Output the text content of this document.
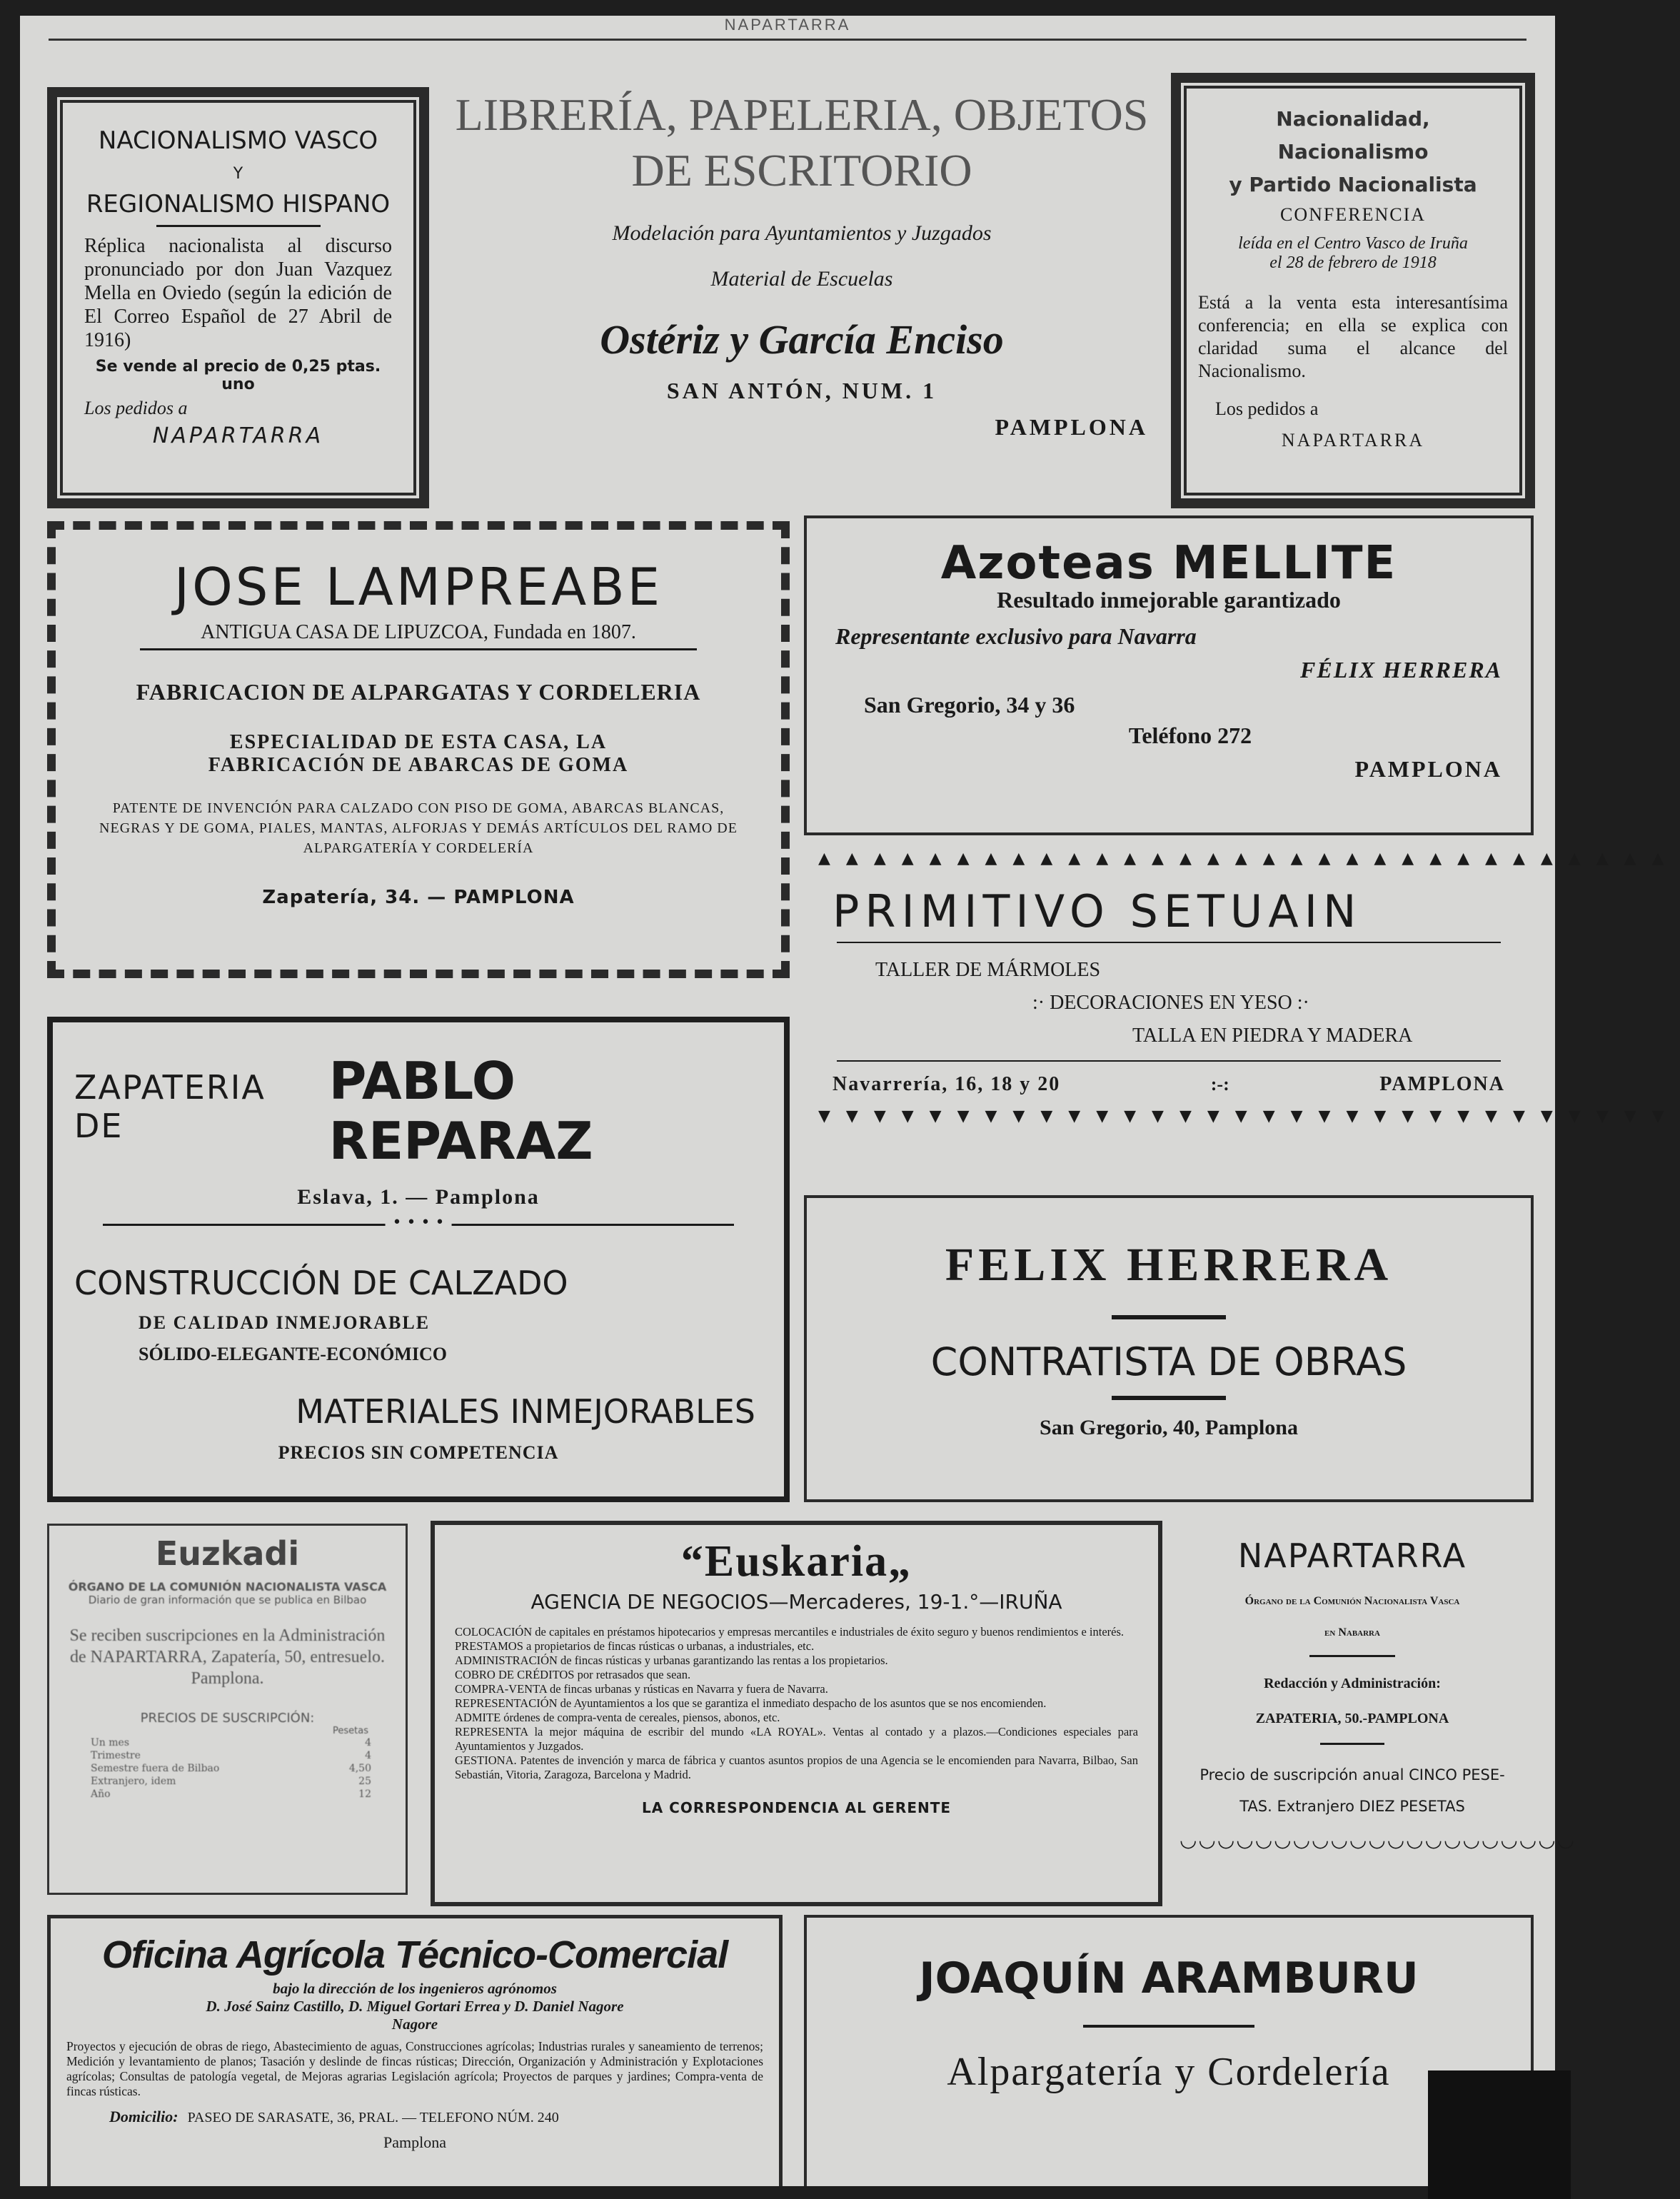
NAPARTARRA
NACIONALISMO VASCO
Y
REGIONALISMO HISPANO

Réplica nacionalista al discurso pronunciado por don Juan Vazquez Mella en Oviedo (según la edición de El Correo Español de 27 Abril de 1916)

Se vende al precio de 0,25 ptas. uno

Los pedidos a

NAPARTARRA

LIBRERÍA, PAPELERIA, OBJETOS
DE ESCRITORIO

Modelación para Ayuntamientos y Juzgados

Material de Escuelas

Ostériz y García Enciso

SAN ANTÓN, NUM. 1

PAMPLONA

Nacionalidad, Nacionalismo
y Partido Nacionalista

CONFERENCIA

leída en el Centro Vasco de Iruña

el 28 de febrero de 1918

Está a la venta esta interesantísima conferencia; en ella se explica con claridad suma el alcance del Nacionalismo.

Los pedidos a

NAPARTARRA

JOSE LAMPREABE

ANTIGUA CASA DE LIPUZCOA, Fundada en 1807.

FABRICACION DE ALPARGATAS Y CORDELERIA

ESPECIALIDAD DE ESTA CASA, LA

FABRICACIÓN DE ABARCAS DE GOMA

PATENTE DE INVENCIÓN PARA CALZADO CON PISO DE GOMA, ABARCAS BLANCAS, NEGRAS Y DE GOMA, PIALES, MANTAS, ALFORJAS Y DEMÁS ARTÍCULOS DEL RAMO DE ALPARGATERÍA Y CORDELERÍA

Zapatería, 34. — PAMPLONA

Azoteas MELLITE

Resultado inmejorable garantizado

Representante exclusivo para Navarra

FÉLIX HERRERA

San Gregorio, 34 y 36

Teléfono 272

PAMPLONA

▲▲▲▲▲▲▲▲▲▲▲▲▲▲▲▲▲▲▲▲▲▲▲▲▲▲▲▲▲▲▲

PRIMITIVO SETUAIN

TALLER DE MÁRMOLES

:· DECORACIONES EN YESO :·

TALLA EN PIEDRA Y MADERA

Navarrería, 16, 18 y 20	:-:	PAMPLONA
▼▼▼▼▼▼▼▼▼▼▼▼▼▼▼▼▼▼▼▼▼▼▼▼▼▼▼▼▼▼▼
ZAPATERIA DE
PABLO REPARAZ

Eslava, 1. — Pamplona

• • • •

CONSTRUCCIÓN DE CALZADO

DE CALIDAD INMEJORABLE

SÓLIDO-ELEGANTE-ECONÓMICO

MATERIALES INMEJORABLES

PRECIOS SIN COMPETENCIA

FELIX HERRERA

CONTRATISTA DE OBRAS

San Gregorio, 40, Pamplona

Euzkadi

ÓRGANO DE LA COMUNIÓN NACIONALISTA VASCA

Diario de gran información que se publica en Bilbao

Se reciben suscripciones en la Administración de NAPARTARRA, Zapatería, 50, entresuelo. Pamplona.

PRECIOS DE SUSCRIPCIÓN:

Pesetas

Un mes	4
Trimestre	4
Semestre fuera de Bilbao	4,50
Extranjero, idem	25
Año	12

“Euskaria„

AGENCIA DE NEGOCIOS—Mercaderes, 19-1.°—IRUÑA

COLOCACIÓN de capitales en préstamos hipotecarios y empresas mercantiles e industriales de éxito seguro y buenos rendimientos e interés.

PRESTAMOS a propietarios de fincas rústicas o urbanas, a industriales, etc.

ADMINISTRACIÓN de fincas rústicas y urbanas garantizando las rentas a los propietarios.

COBRO DE CRÉDITOS por retrasados que sean.

COMPRA-VENTA de fincas urbanas y rústicas en Navarra y fuera de Navarra.

REPRESENTACIÓN de Ayuntamientos a los que se garantiza el inmediato despacho de los asuntos que se nos encomienden.

ADMITE órdenes de compra-venta de cereales, piensos, abonos, etc.

REPRESENTA la mejor máquina de escribir del mundo «LA ROYAL». Ventas al contado y a plazos.—Condiciones especiales para Ayuntamientos y Juzgados.

GESTIONA. Patentes de invención y marca de fábrica y cuantos asuntos propios de una Agencia se le encomienden para Navarra, Bilbao, San Sebastián, Vitoria, Zaragoza, Barcelona y Madrid.

LA CORRESPONDENCIA AL GERENTE

NAPARTARRA

Órgano de la Comunión Nacionalista Vasca

en Nabarra

Redacción y Administración:

ZAPATERIA, 50.-PAMPLONA

Precio de suscripción anual CINCO PESE-

TAS. Extranjero DIEZ PESETAS

◡◡◡◡◡◡◡◡◡◡◡◡◡◡◡◡◡◡◡◡◡

Oficina Agrícola Técnico-Comercial

bajo la dirección de los ingenieros agrónomos

D. José Sainz Castillo, D. Miguel Gortari Errea y D. Daniel Nagore

Nagore

Proyectos y ejecución de obras de riego, Abastecimiento de aguas, Construcciones agrícolas; Industrias rurales y saneamiento de terrenos; Medición y levantamiento de planos; Tasación y deslinde de fincas rústicas; Dirección, Organización y Administración y Explotaciones agrícolas; Consultas de patología vegetal, de Mejoras agrarias Legislación agrícola; Proyectos de parques y jardines; Compra-venta de fincas rústicas.

Domicilio: PASEO DE SARASATE, 36, PRAL. — TELEFONO NÚM. 240

Pamplona

JOAQUÍN ARAMBURU

Alpargatería y Cordelería
